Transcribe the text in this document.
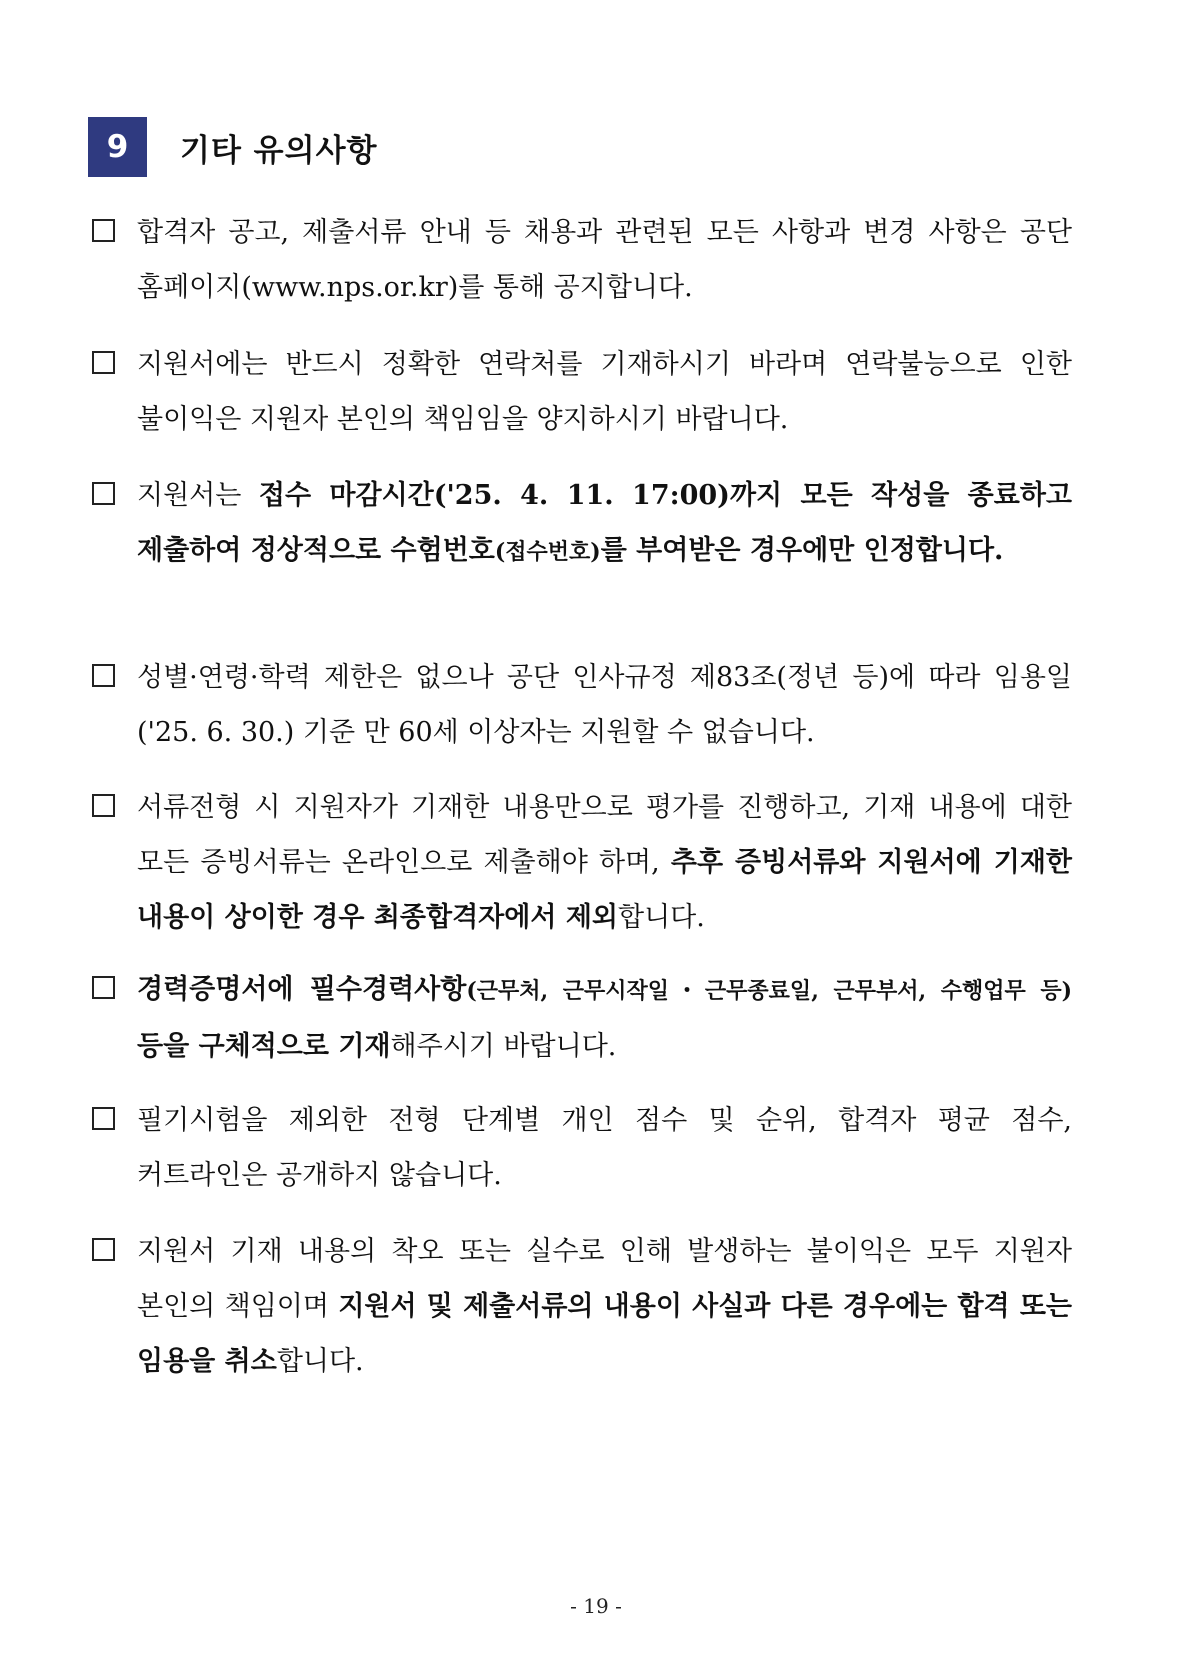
9	기타 유의사항
합격자 공고, 제출서류 안내 등 채용과 관련된 모든 사항과 변경 사항은 공단 홈페이지(www.nps.or.kr)를 통해 공지합니다.
지원서에는 반드시 정확한 연락처를 기재하시기 바라며 연락불능으로 인한 불이익은 지원자 본인의 책임임을 양지하시기 바랍니다.
지원서는 접수 마감시간('25. 4. 11. 17:00)까지 모든 작성을 종료하고 제출하여 정상적으로 수험번호(접수번호)를 부여받은 경우에만 인정합니다.
성별·연령·학력 제한은 없으나 공단 인사규정 제83조(정년 등)에 따라 임용일('25. 6. 30.) 기준 만 60세 이상자는 지원할 수 없습니다.
서류전형 시 지원자가 기재한 내용만으로 평가를 진행하고, 기재 내용에 대한 모든 증빙서류는 온라인으로 제출해야 하며, 추후 증빙서류와 지원서에 기재한 내용이 상이한 경우 최종합격자에서 제외합니다.
경력증명서에 필수경력사항(근무처, 근무시작일・근무종료일, 근무부서, 수행업무 등) 등을 구체적으로 기재해주시기 바랍니다.
필기시험을 제외한 전형 단계별 개인 점수 및 순위, 합격자 평균 점수, 커트라인은 공개하지 않습니다.
지원서 기재 내용의 착오 또는 실수로 인해 발생하는 불이익은 모두 지원자 본인의 책임이며 지원서 및 제출서류의 내용이 사실과 다른 경우에는 합격 또는 임용을 취소합니다.
- 19 -
